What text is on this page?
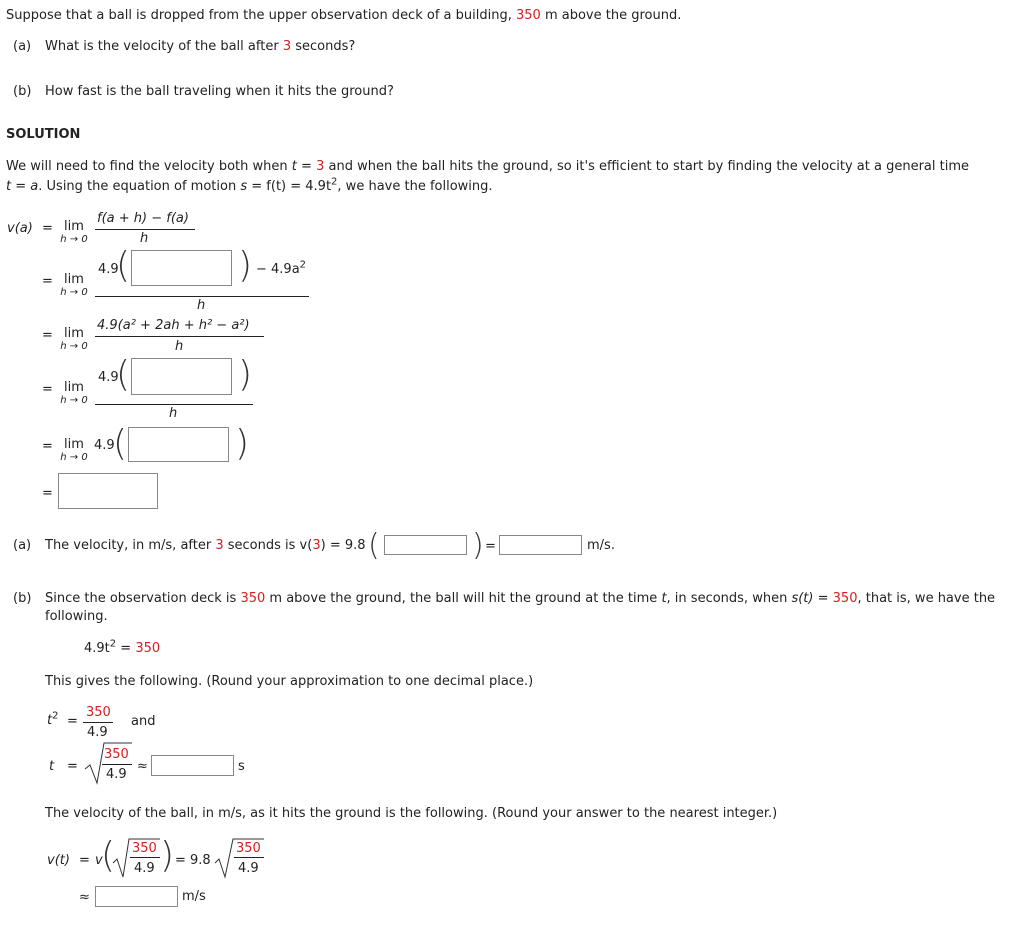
Suppose that a ball is dropped from the upper observation deck of a building, 350 m above the ground.
(a) What is the velocity of the ball after 3 seconds?
(b) How fast is the ball traveling when it hits the ground?
SOLUTION
We will need to find the velocity both when t = 3 and when the ball hits the ground, so it's efficient to start by finding the velocity at a general time
t = a. Using the equation of motion $s = f(t) = 4.9t^2$, we have the following.
v(a) = lim
h → 0
f(a + h) − f(a)
h
= lim
h → 0
4.9
(	) − $4.9a^2$
h
= lim
h → 0
4.9(a² + 2ah + h² − a²)
h
= lim
h → 0
4.9
(	)
h
= lim
h → 0
4.9
(	)
=
(a) The velocity, in m/s, after 3 seconds is v(3) = 9.8 (	) =	m/s.
(b) Since the observation deck is 350 m above the ground, the ball will hit the ground at the time t, in seconds, when s(t) = 350, that is, we have the
following.
$4.9t^2 = 350$
This gives the following. (Round your approximation to one decimal place.)
$t^2$ =
350
4.9
and
t =
350
4.9
≈	s
The velocity of the ball, in m/s, as it hits the ground is the following. (Round your answer to the nearest integer.)
v(t) = v
( 350
4.9 ) = 9.8
350
4.9
≈	m/s
